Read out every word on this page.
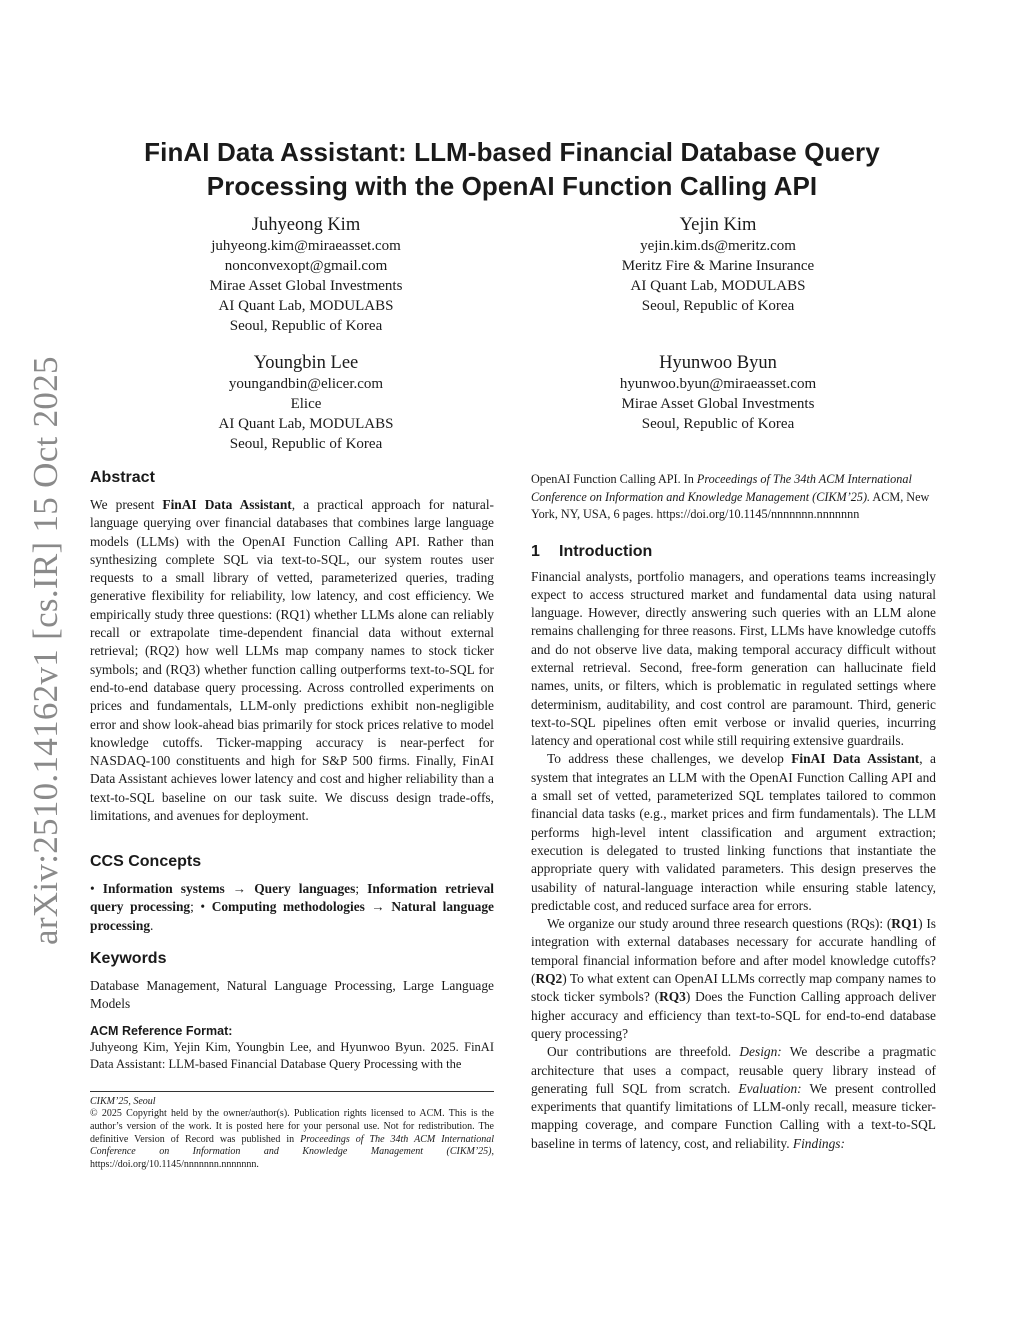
FinAI Data Assistant: LLM-based Financial Database Query
Processing with the OpenAI Function Calling API
Juhyeong Kim
juhyeong.kim@miraeasset.com
nonconvexopt@gmail.com
Mirae Asset Global Investments
AI Quant Lab, MODULABS
Seoul, Republic of Korea
Yejin Kim
yejin.kim.ds@meritz.com
Meritz Fire & Marine Insurance
AI Quant Lab, MODULABS
Seoul, Republic of Korea
Youngbin Lee
youngandbin@elicer.com
Elice
AI Quant Lab, MODULABS
Seoul, Republic of Korea
Hyunwoo Byun
hyunwoo.byun@miraeasset.com
Mirae Asset Global Investments
Seoul, Republic of Korea
arXiv:2510.14162v1 [cs.IR] 15 Oct 2025 Abstract

We present FinAI Data Assistant, a practical approach for natural-language querying over financial databases that combines large language models (LLMs) with the OpenAI Function Calling API. Rather than synthesizing complete SQL via text-to-SQL, our system routes user requests to a small library of vetted, parameterized queries, trading generative flexibility for reliability, low latency, and cost efficiency. We empirically study three questions: (RQ1) whether LLMs alone can reliably recall or extrapolate time-dependent financial data without external retrieval; (RQ2) how well LLMs map company names to stock ticker symbols; and (RQ3) whether function calling outperforms text-to-SQL for end-to-end database query processing. Across controlled experiments on prices and fundamentals, LLM-only predictions exhibit non-negligible error and show look-ahead bias primarily for stock prices relative to model knowledge cutoffs. Ticker-mapping accuracy is near-perfect for NASDAQ-100 constituents and high for S&P 500 firms. Finally, FinAI Data Assistant achieves lower latency and cost and higher reliability than a text-to-SQL baseline on our task suite. We discuss design trade-offs, limitations, and avenues for deployment.

CCS Concepts

• Information systems → Query languages; Information retrieval query processing; • Computing methodologies → Natural language processing.

Keywords

Database Management, Natural Language Processing, Large Language Models

ACM Reference Format:

Juhyeong Kim, Yejin Kim, Youngbin Lee, and Hyunwoo Byun. 2025. FinAI Data Assistant: LLM-based Financial Database Query Processing with the

CIKM’25, Seoul
© 2025 Copyright held by the owner/author(s). Publication rights licensed to ACM. This is the author’s version of the work. It is posted here for your personal use. Not for redistribution. The definitive Version of Record was published in Proceedings of The 34th ACM International Conference on Information and Knowledge Management (CIKM’25), https://doi.org/10.1145/nnnnnnn.nnnnnnn.

OpenAI Function Calling API. In Proceedings of The 34th ACM International Conference on Information and Knowledge Management (CIKM’25). ACM, New York, NY, USA, 6 pages. https://doi.org/10.1145/nnnnnnn.nnnnnnn

1 Introduction

Financial analysts, portfolio managers, and operations teams increasingly expect to access structured market and fundamental data using natural language. However, directly answering such queries with an LLM alone remains challenging for three reasons. First, LLMs have knowledge cutoffs and do not observe live data, making temporal accuracy difficult without external retrieval. Second, free-form generation can hallucinate field names, units, or filters, which is problematic in regulated settings where determinism, auditability, and cost control are paramount. Third, generic text-to-SQL pipelines often emit verbose or invalid queries, incurring latency and operational cost while still requiring extensive guardrails.

To address these challenges, we develop FinAI Data Assistant, a system that integrates an LLM with the OpenAI Function Calling API and a small set of vetted, parameterized SQL templates tailored to common financial data tasks (e.g., market prices and firm fundamentals). The LLM performs high-level intent classification and argument extraction; execution is delegated to trusted linking functions that instantiate the appropriate query with validated parameters. This design preserves the usability of natural-language interaction while ensuring stable latency, predictable cost, and reduced surface area for errors.

We organize our study around three research questions (RQs): (RQ1) Is integration with external databases necessary for accurate handling of temporal financial information before and after model knowledge cutoffs? (RQ2) To what extent can OpenAI LLMs correctly map company names to stock ticker symbols? (RQ3) Does the Function Calling approach deliver higher accuracy and efficiency than text-to-SQL for end-to-end database query processing?

Our contributions are threefold. Design: We describe a pragmatic architecture that uses a compact, reusable query library instead of generating full SQL from scratch. Evaluation: We present controlled experiments that quantify limitations of LLM-only recall, measure ticker-mapping coverage, and compare Function Calling with a text-to-SQL baseline in terms of latency, cost, and reliability. Findings:
